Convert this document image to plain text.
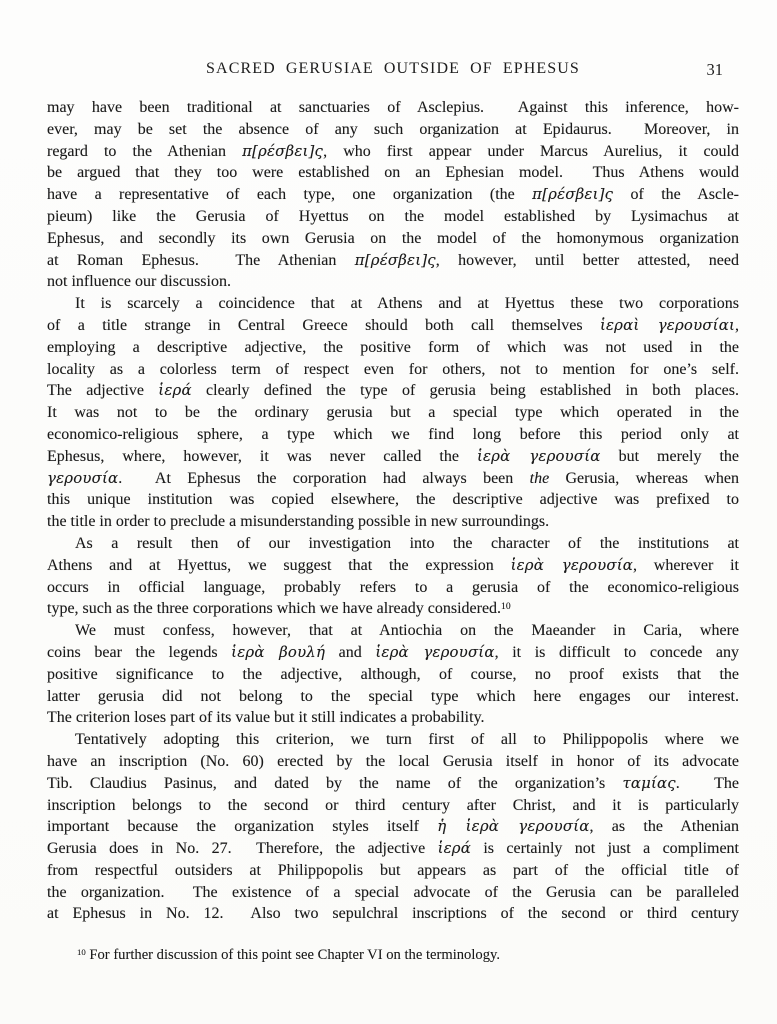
SACRED GERUSIAE OUTSIDE OF EPHESUS	31
may have been traditional at sanctuaries of Asclepius.  Against this inference, how-
ever, may be set the absence of any such organization at Epidaurus.  Moreover, in
regard to the Athenian π[ρέσβει]ς, who first appear under Marcus Aurelius, it could
be argued that they too were established on an Ephesian model.  Thus Athens would
have a representative of each type, one organization (the π[ρέσβει]ς of the Ascle-
pieum) like the Gerusia of Hyettus on the model established by Lysimachus at
Ephesus, and secondly its own Gerusia on the model of the homonymous organization
at Roman Ephesus.  The Athenian π[ρέσβει]ς, however, until better attested, need
not influence our discussion.
It is scarcely a coincidence that at Athens and at Hyettus these two corporations
of a title strange in Central Greece should both call themselves ἱεραὶ γερουσίαι,
employing a descriptive adjective, the positive form of which was not used in the
locality as a colorless term of respect even for others, not to mention for one’s self.
The adjective ἱερά clearly defined the type of gerusia being established in both places.
It was not to be the ordinary gerusia but a special type which operated in the
economico-religious sphere, a type which we find long before this period only at
Ephesus, where, however, it was never called the ἱερὰ γερουσία but merely the
γερουσία.  At Ephesus the corporation had always been the Gerusia, whereas when
this unique institution was copied elsewhere, the descriptive adjective was prefixed to
the title in order to preclude a misunderstanding possible in new surroundings.
As a result then of our investigation into the character of the institutions at
Athens and at Hyettus, we suggest that the expression ἱερὰ γερουσία, wherever it
occurs in official language, probably refers to a gerusia of the economico-religious
type, such as the three corporations which we have already considered.$^{10}$
We must confess, however, that at Antiochia on the Maeander in Caria, where
coins bear the legends ἱερὰ βουλή and ἱερὰ γερουσία, it is difficult to concede any
positive significance to the adjective, although, of course, no proof exists that the
latter gerusia did not belong to the special type which here engages our interest.
The criterion loses part of its value but it still indicates a probability.
Tentatively adopting this criterion, we turn first of all to Philippopolis where we
have an inscription (No. 60) erected by the local Gerusia itself in honor of its advocate
Tib. Claudius Pasinus, and dated by the name of the organization’s ταμίας.  The
inscription belongs to the second or third century after Christ, and it is particularly
important because the organization styles itself ἡ ἱερὰ γερουσία, as the Athenian
Gerusia does in No. 27.  Therefore, the adjective ἱερά is certainly not just a compliment
from respectful outsiders at Philippopolis but appears as part of the official title of
the organization.  The existence of a special advocate of the Gerusia can be paralleled
at Ephesus in No. 12.  Also two sepulchral inscriptions of the second or third century
$^{10}$ For further discussion of this point see Chapter VI on the terminology.
